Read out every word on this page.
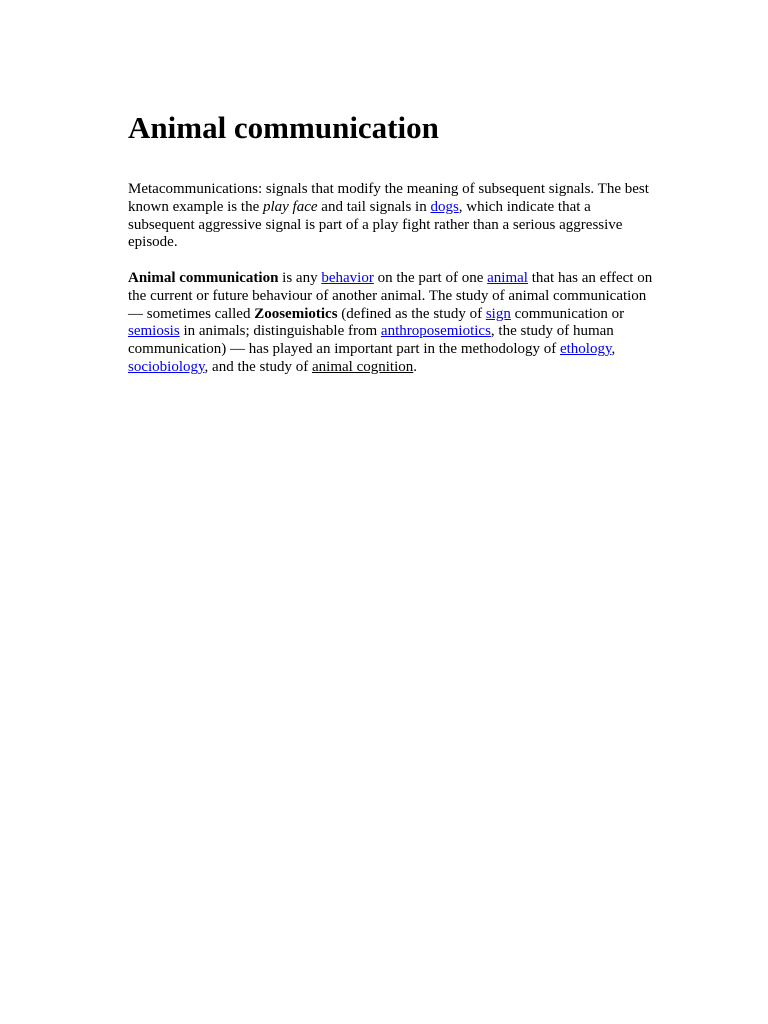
Animal communication

Metacommunications: signals that modify the meaning of subsequent signals. The best known example is the play face and tail signals in dogs, which indicate that a subsequent aggressive signal is part of a play fight rather than a serious aggressive episode.

Animal communication is any behavior on the part of one animal that has an effect on the current or future behaviour of another animal. The study of animal communication — sometimes called Zoosemiotics (defined as the study of sign communication or semiosis in animals; distinguishable from anthroposemiotics, the study of human communication) — has played an important part in the methodology of ethology, sociobiology, and the study of animal cognition.
